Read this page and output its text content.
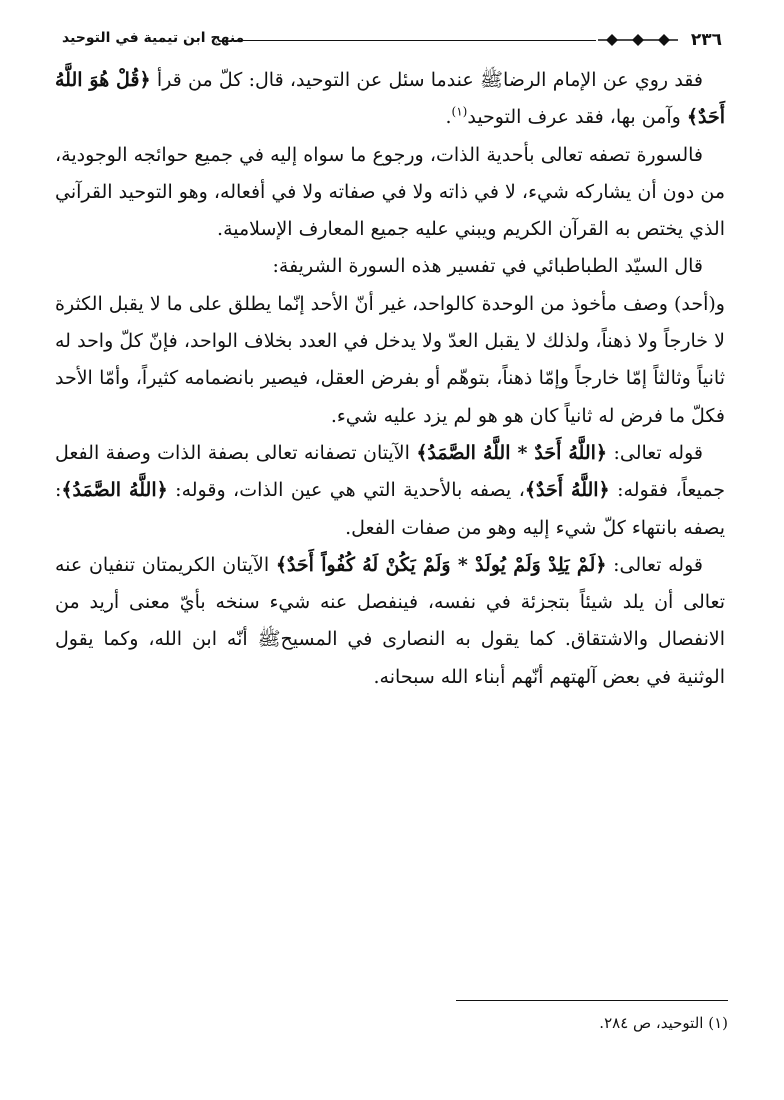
٢٣٦
منهج ابن تيمية في التوحيد

فقد روي عن الإمام الرضاﷺ عندما سئل عن التوحيد، قال: كلّ من قرأ ﴿قُلْ هُوَ اللَّهُ أَحَدٌ﴾ وآمن بها، فقد عرف التوحيد$^{(١)}$.

فالسورة تصفه تعالى بأحدية الذات، ورجوع ما سواه إليه في جميع حوائجه الوجودية، من دون أن يشاركه شيء، لا في ذاته ولا في صفاته ولا في أفعاله، وهو التوحيد القرآني الذي يختص به القرآن الكريم ويبني عليه جميع المعارف الإسلامية.

قال السيّد الطباطبائي في تفسير هذه السورة الشريفة:

و(أحد) وصف مأخوذ من الوحدة كالواحد، غير أنّ الأحد إنّما يطلق على ما لا يقبل الكثرة لا خارجاً ولا ذهناً، ولذلك لا يقبل العدّ ولا يدخل في العدد بخلاف الواحد، فإنّ كلّ واحد له ثانياً وثالثاً إمّا خارجاً وإمّا ذهناً، بتوهّم أو بفرض العقل، فيصير بانضمامه كثيراً، وأمّا الأحد فكلّ ما فرض له ثانياً كان هو هو لم يزد عليه شيء.

قوله تعالى: ﴿اللَّهُ أَحَدٌ * اللَّهُ الصَّمَدُ﴾ الآيتان تصفانه تعالى بصفة الذات وصفة الفعل جميعاً، فقوله: ﴿اللَّهُ أَحَدٌ﴾، يصفه بالأحدية التي هي عين الذات، وقوله: ﴿اللَّهُ الصَّمَدُ﴾: يصفه بانتهاء كلّ شيء إليه وهو من صفات الفعل.

قوله تعالى: ﴿لَمْ يَلِدْ وَلَمْ يُولَدْ * وَلَمْ يَكُنْ لَهُ كُفُواً أَحَدٌ﴾ الآيتان الكريمتان تنفيان عنه تعالى أن يلد شيئاً بتجزئة في نفسه، فينفصل عنه شيء سنخه بأيّ معنى أريد من الانفصال والاشتقاق. كما يقول به النصارى في المسيحﷺ أنّه ابن الله، وكما يقول الوثنية في بعض آلهتهم أنّهم أبناء الله سبحانه.

(١) التوحيد، ص ٢٨٤.
